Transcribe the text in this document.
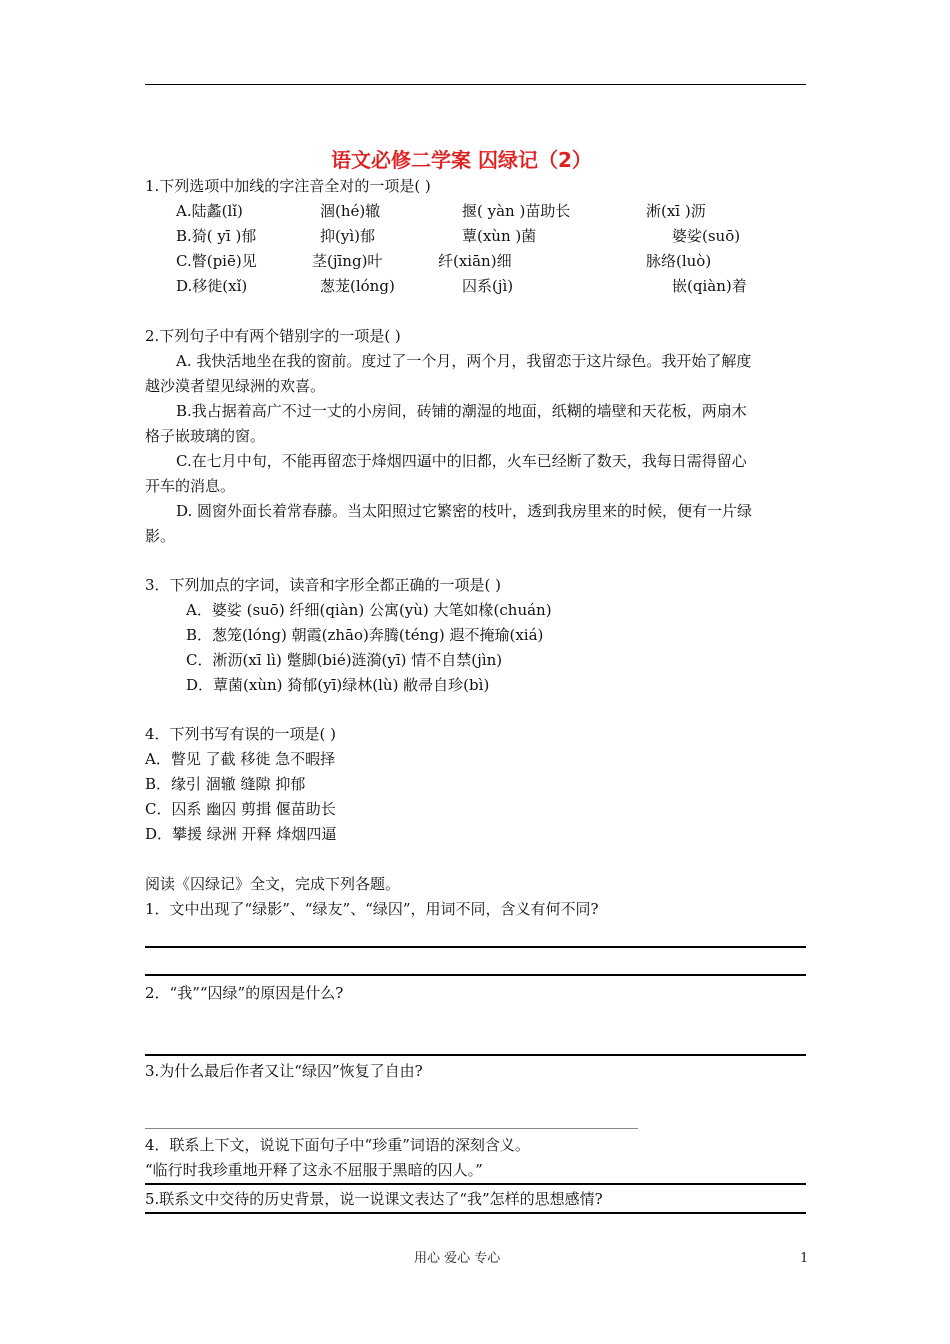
语文必修二学案 囚绿记（2）
1.下列选项中加线的字注音全对的一项是( )
A.陆蠡(lǐ)	涸(hé)辙	揠( yàn )苗助长	淅(xī )沥
B.猗( yī )郁	抑(yì)郁	蕈(xùn )菌	婆娑(suō)
C.瞥(piē)见	茎(jīng)叶	纤(xiān)细	脉络(luò)
D.移徙(xǐ)	葱茏(lóng)	囚系(jì)	嵌(qiàn)着
2.下列句子中有两个错别字的一项是( )
A. 我快活地坐在我的窗前。度过了一个月，两个月，我留恋于这片绿色。我开始了解度
越沙漠者望见绿洲的欢喜。
B.我占据着高广不过一丈的小房间，砖铺的潮湿的地面，纸糊的墙壁和天花板，两扇木
格子嵌玻璃的窗。
C.在七月中旬，不能再留恋于烽烟四逼中的旧都，火车已经断了数天，我每日需得留心
开车的消息。
D. 圆窗外面长着常春藤。当太阳照过它繁密的枝叶，透到我房里来的时候，便有一片绿
影。
3．下列加点的字词，读音和字形全都正确的一项是( )
A．婆娑 (suō) 纤细(qiàn) 公寓(yù) 大笔如椽(chuán)
B．葱笼(lóng) 朝霞(zhāo)奔腾(téng) 遐不掩瑜(xiá)
C．淅沥(xī lì) 蹩脚(bié)涟漪(yī) 情不自禁(jìn)
D．蕈菌(xùn) 猗郁(yī)绿林(lù) 敝帚自珍(bì)
4．下列书写有误的一项是( )
A．瞥见 了截 移徙 急不暇择
B．缘引 涸辙 缝隙 抑郁
C．囚系 幽囚 剪揖 偃苗助长
D．攀援 绿洲 开释 烽烟四逼
阅读《囚绿记》全文，完成下列各题。
1．文中出现了“绿影”、“绿友”、“绿囚”，用词不同，含义有何不同?
2．“我”“囚绿”的原因是什么?
3.为什么最后作者又让“绿囚”恢复了自由?
4．联系上下文，说说下面句子中“珍重”词语的深刻含义。
“临行时我珍重地开释了这永不屈服于黑暗的囚人。”
5.联系文中交待的历史背景，说一说课文表达了“我”怎样的思想感情?
用心 爱心 专心	1
